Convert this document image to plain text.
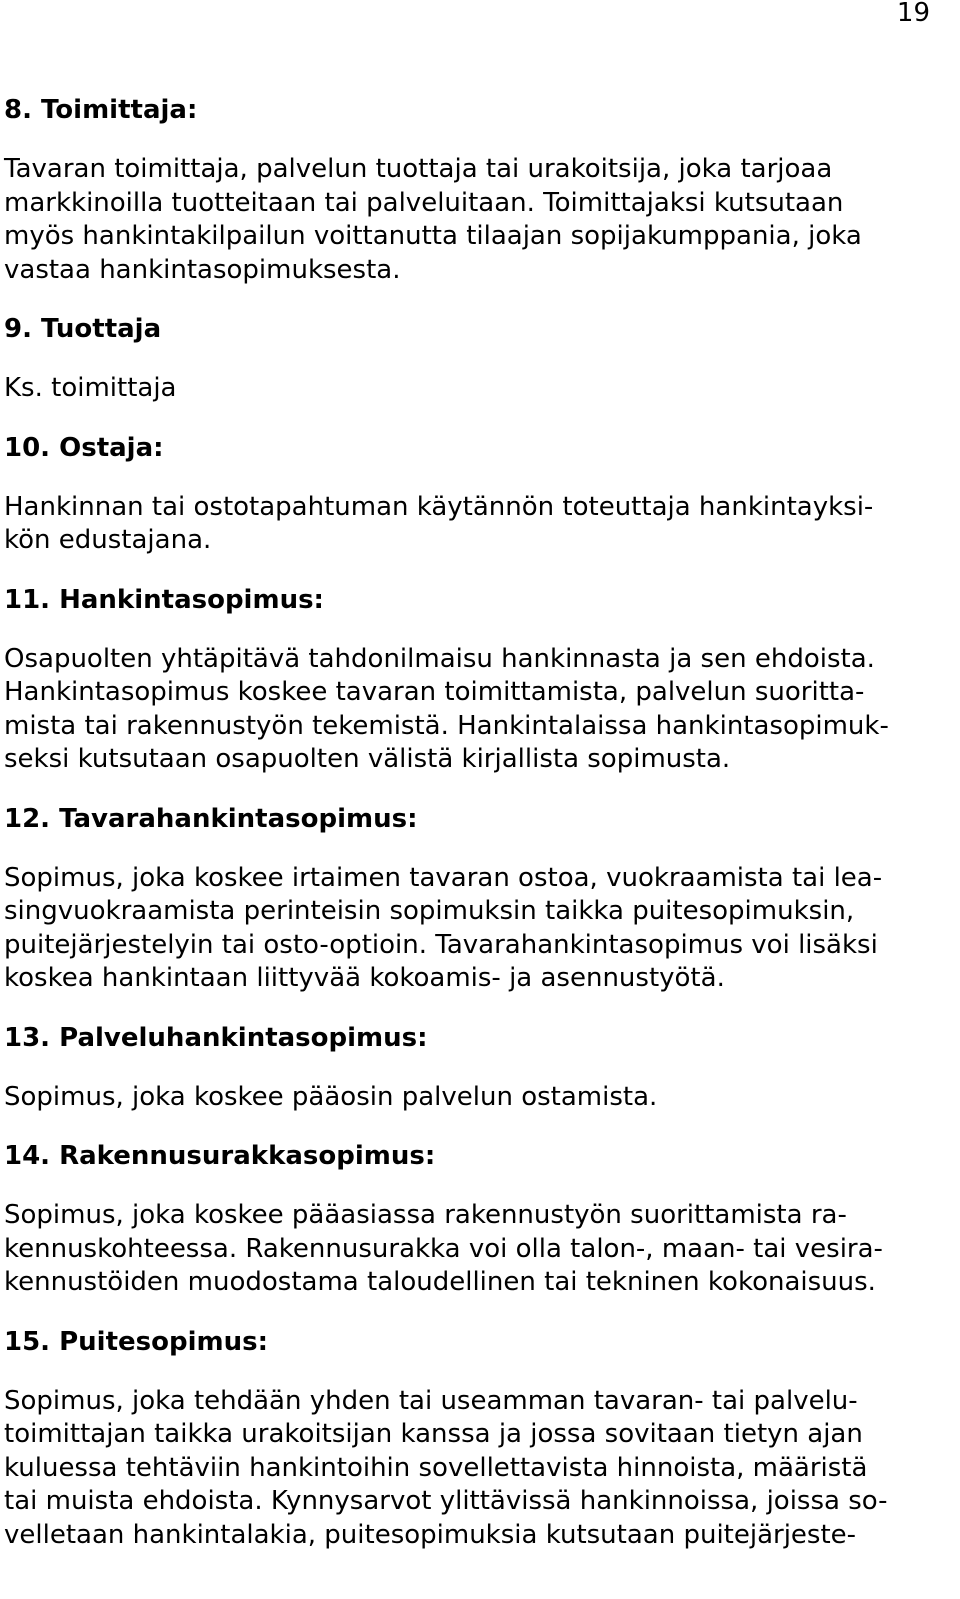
19
8. Toimittaja:
Tavaran toimittaja, palvelun tuottaja tai urakoitsija, joka tarjoaa
markkinoilla tuotteitaan tai palveluitaan. Toimittajaksi kutsutaan
myös hankintakilpailun voittanutta tilaajan sopijakumppania, joka
vastaa hankintasopimuksesta.
9. Tuottaja
Ks. toimittaja
10. Ostaja:
Hankinnan tai ostotapahtuman käytännön toteuttaja hankintayksi-
kön edustajana.
11. Hankintasopimus:
Osapuolten yhtäpitävä tahdonilmaisu hankinnasta ja sen ehdoista.
Hankintasopimus koskee tavaran toimittamista, palvelun suoritta-
mista tai rakennustyön tekemistä. Hankintalaissa hankintasopimuk-
seksi kutsutaan osapuolten välistä kirjallista sopimusta.
12. Tavarahankintasopimus:
Sopimus, joka koskee irtaimen tavaran ostoa, vuokraamista tai lea-
singvuokraamista perinteisin sopimuksin taikka puitesopimuksin,
puitejärjestelyin tai osto-optioin. Tavarahankintasopimus voi lisäksi
koskea hankintaan liittyvää kokoamis- ja asennustyötä.
13. Palveluhankintasopimus:
Sopimus, joka koskee pääosin palvelun ostamista.
14. Rakennusurakkasopimus:
Sopimus, joka koskee pääasiassa rakennustyön suorittamista ra-
kennuskohteessa. Rakennusurakka voi olla talon-, maan- tai vesira-
kennustöiden muodostama taloudellinen tai tekninen kokonaisuus.
15. Puitesopimus:
Sopimus, joka tehdään yhden tai useamman tavaran- tai palvelu-
toimittajan taikka urakoitsijan kanssa ja jossa sovitaan tietyn ajan
kuluessa tehtäviin hankintoihin sovellettavista hinnoista, määristä
tai muista ehdoista. Kynnysarvot ylittävissä hankinnoissa, joissa so-
velletaan hankintalakia, puitesopimuksia kutsutaan puitejärjeste-
